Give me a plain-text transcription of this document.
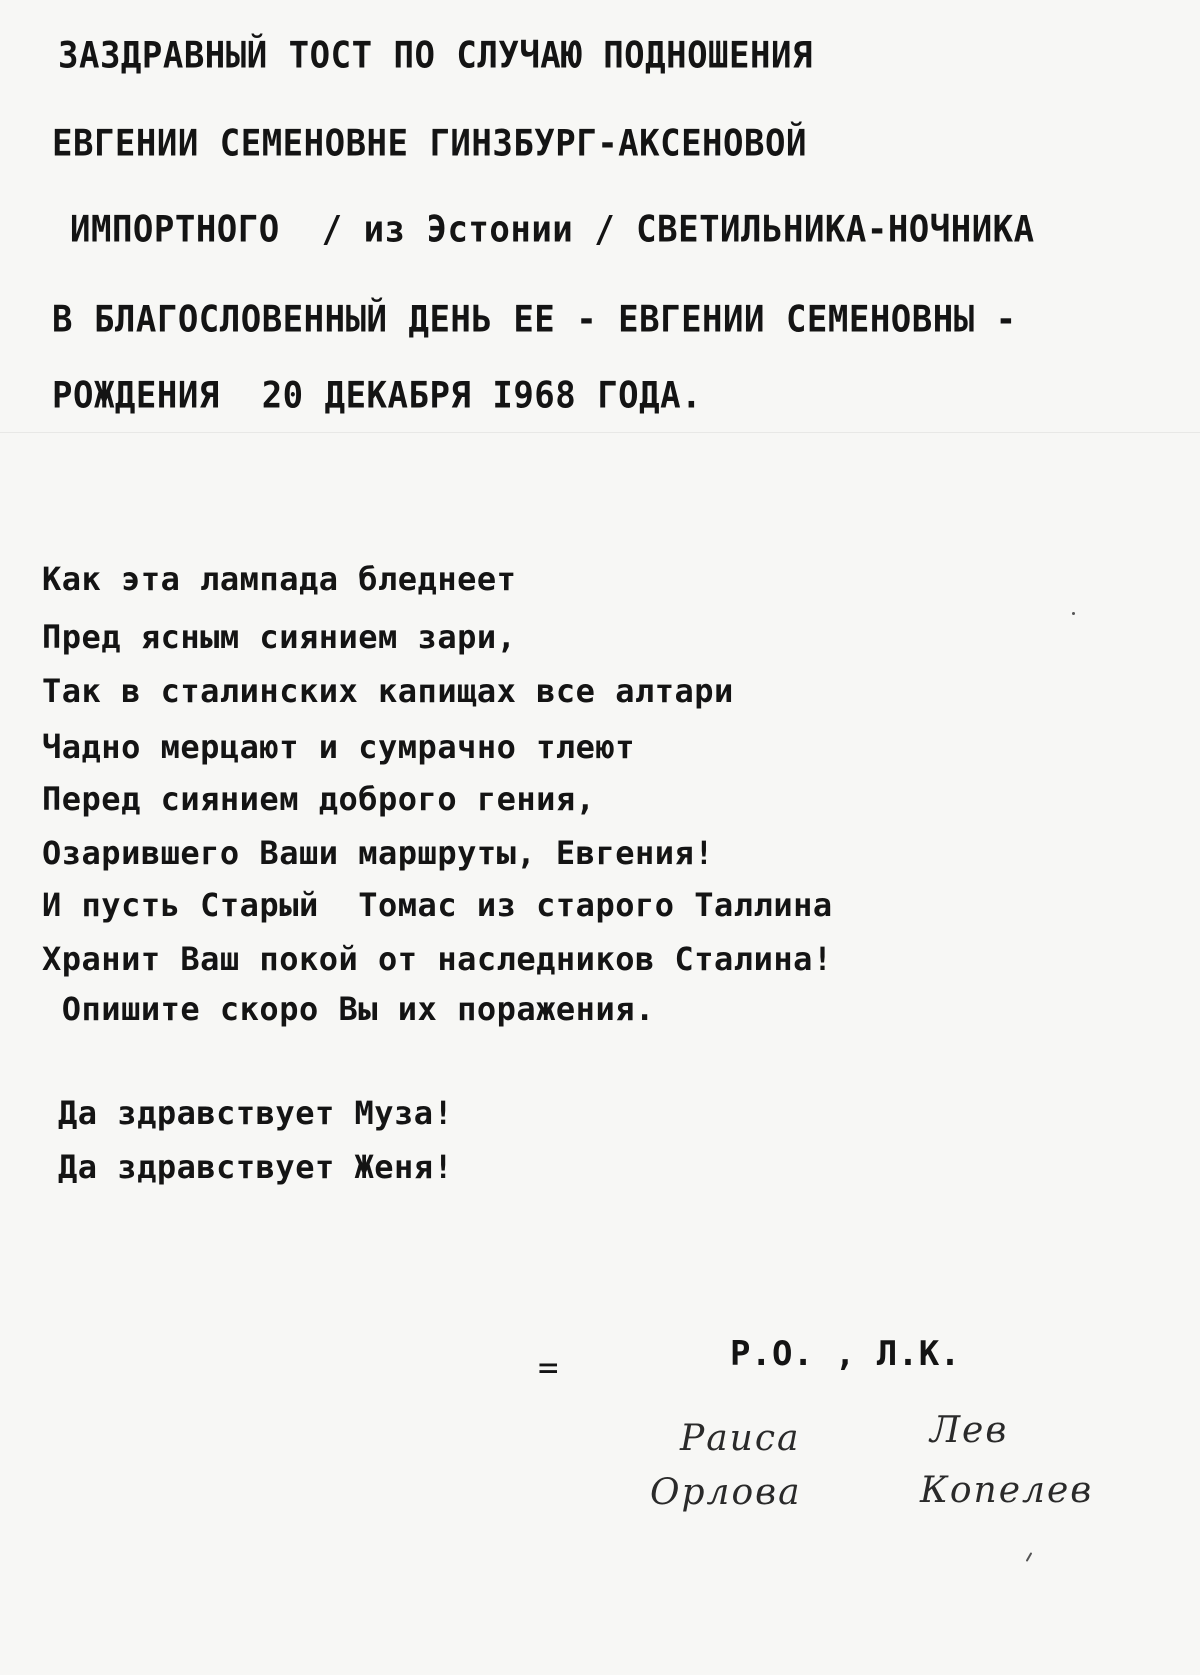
ЗАЗДРАВНЫЙ ТОСТ ПО СЛУЧАЮ ПОДНОШЕНИЯ
ЕВГЕНИИ СЕМЕНОВНЕ ГИНЗБУРГ-АКСЕНОВОЙ
ИМПОРТНОГО  / из Эстонии / СВЕТИЛЬНИКА-НОЧНИКА
В БЛАГОСЛОВЕННЫЙ ДЕНЬ ЕЕ - ЕВГЕНИИ СЕМЕНОВНЫ -
РОЖДЕНИЯ  20 ДЕКАБРЯ I968 ГОДА.
Как эта лампада бледнеет
Пред ясным сиянием зари,
Так в сталинских капищах все алтари
Чадно мерцают и сумрачно тлеют
Перед сиянием доброго гения,
Озарившего Ваши маршруты, Евгения!
И пусть Старый  Томас из старого Таллина
Хранит Ваш покой от наследников Сталина!
Опишите скоро Вы их поражения.
Да здравствует Муза!
Да здравствует Женя!
=	Р.О. , Л.К.
Раиса
Орлова
Лев
Копелев
